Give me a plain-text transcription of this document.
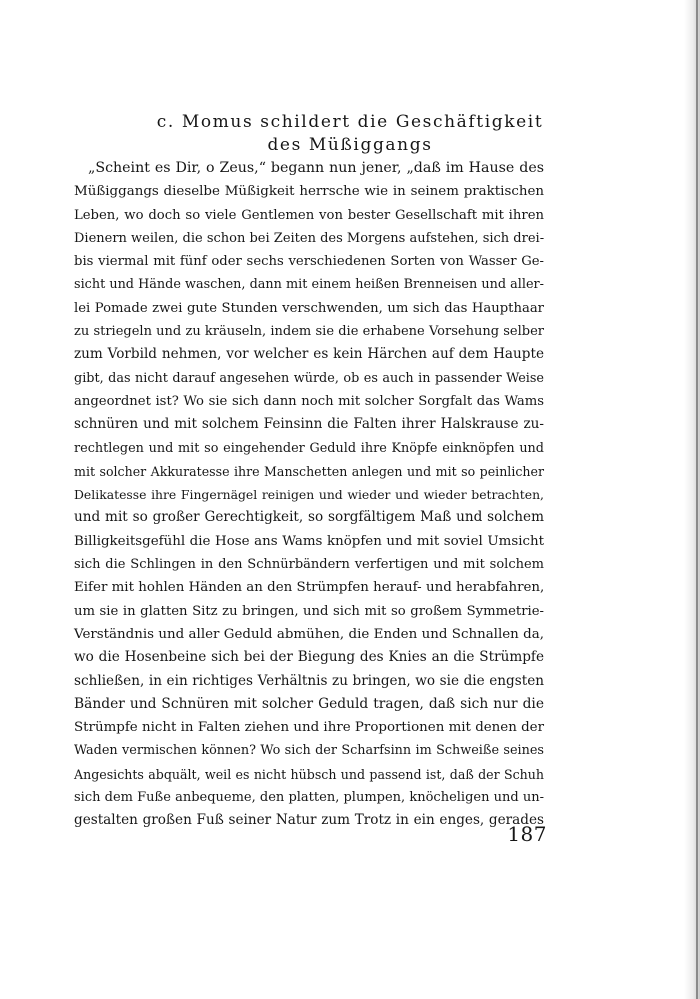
c. Momus schildert die Geschäftigkeit
des Müßiggangs
„Scheint es Dir, o Zeus,“ begann nun jener, „daß im Hause des
Müßiggangs dieselbe Müßigkeit herrsche wie in seinem praktischen
Leben, wo doch so viele Gentlemen von bester Gesellschaft mit ihren
Dienern weilen, die schon bei Zeiten des Morgens aufstehen, sich drei-
bis viermal mit fünf oder sechs verschiedenen Sorten von Wasser Ge-
sicht und Hände waschen, dann mit einem heißen Brenneisen und aller-
lei Pomade zwei gute Stunden verschwenden, um sich das Haupthaar
zu striegeln und zu kräuseln, indem sie die erhabene Vorsehung selber
zum Vorbild nehmen, vor welcher es kein Härchen auf dem Haupte
gibt, das nicht darauf angesehen würde, ob es auch in passender Weise
angeordnet ist? Wo sie sich dann noch mit solcher Sorgfalt das Wams
schnüren und mit solchem Feinsinn die Falten ihrer Halskrause zu-
rechtlegen und mit so eingehender Geduld ihre Knöpfe einknöpfen und
mit solcher Akkuratesse ihre Manschetten anlegen und mit so peinlicher
Delikatesse ihre Fingernägel reinigen und wieder und wieder betrachten,
und mit so großer Gerechtigkeit, so sorgfältigem Maß und solchem
Billigkeitsgefühl die Hose ans Wams knöpfen und mit soviel Umsicht
sich die Schlingen in den Schnürbändern verfertigen und mit solchem
Eifer mit hohlen Händen an den Strümpfen herauf- und herabfahren,
um sie in glatten Sitz zu bringen, und sich mit so großem Symmetrie-
Verständnis und aller Geduld abmühen, die Enden und Schnallen da,
wo die Hosenbeine sich bei der Biegung des Knies an die Strümpfe
schließen, in ein richtiges Verhältnis zu bringen, wo sie die engsten
Bänder und Schnüren mit solcher Geduld tragen, daß sich nur die
Strümpfe nicht in Falten ziehen und ihre Proportionen mit denen der
Waden vermischen können? Wo sich der Scharfsinn im Schweiße seines
Angesichts abquält, weil es nicht hübsch und passend ist, daß der Schuh
sich dem Fuße anbequeme, den platten, plumpen, knöcheligen und un-
gestalten großen Fuß seiner Natur zum Trotz in ein enges, gerades
187
